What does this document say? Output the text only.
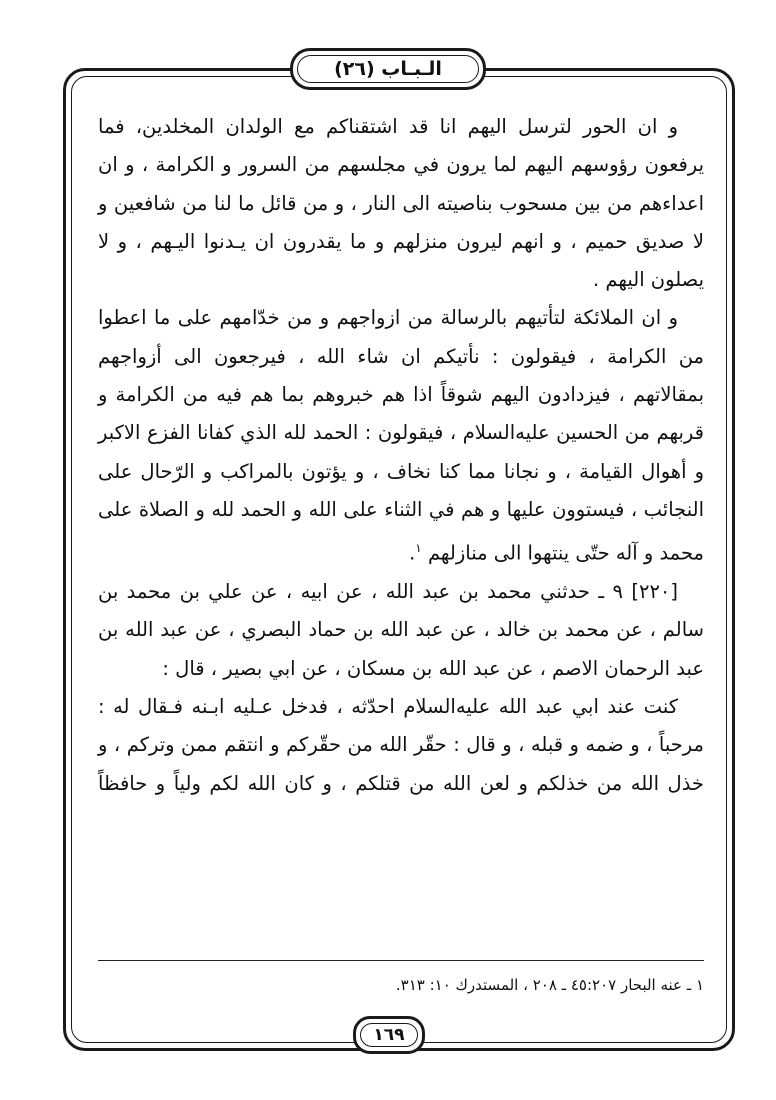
الـبـاب (٢٦)

و ان الحور لترسل اليهم انا قد اشتقناكم مع الولدان المخلدين، فما يرفعون رؤوسهم اليهم لما يرون في مجلسهم من السرور و الكرامة ، و ان اعداءهم من بين مسحوب بناصيته الى النار ، و من قائل ما لنا من شافعين و لا صديق حميم ، و انهم ليرون منزلهم و ما يقدرون ان يـدنوا اليـهم ، و لا يصلون اليهم .

و ان الملائكة لتأتيهم بالرسالة من ازواجهم و من خدّامهم على ما اعطوا من الكرامة ، فيقولون : نأتيكم ان شاء الله ، فيرجعون الى أزواجهم بمقالاتهم ، فيزدادون اليهم شوقاً اذا هم خبروهم بما هم فيه من الكرامة و قربهم من الحسين عليه‌السلام ، فيقولون : الحمد لله الذي كفانا الفزع الاكبر و أهوال القيامة ، و نجانا مما كنا نخاف ، و يؤتون بالمراكب و الرّحال على النجائب ، فيستوون عليها و هم في الثناء على الله و الحمد لله و الصلاة على محمد و آله حتّى ينتهوا الى منازلهم $^١$.

[٢٢٠] ٩ ـ حدثني محمد بن عبد الله ، عن ابيه ، عن علي بن محمد بن سالم ، عن محمد بن خالد ، عن عبد الله بن حماد البصري ، عن عبد الله بن عبد الرحمان الاصم ، عن عبد الله بن مسكان ، عن ابي بصير ، قال :

كنت عند ابي عبد الله عليه‌السلام احدّثه ، فدخل عـليه ابـنه فـقال له : مرحباً ، و ضمه و قبله ، و قال : حقّر الله من حقّركم و انتقم ممن وتركم ، و خذل الله من خذلكم و لعن الله من قتلكم ، و كان الله لكم ولياً و حافظاً

١ ـ عنه البحار ٤٥:٢٠٧ ـ ٢٠٨ ، المستدرك ١٠: ٣١٣.
١٦٩
